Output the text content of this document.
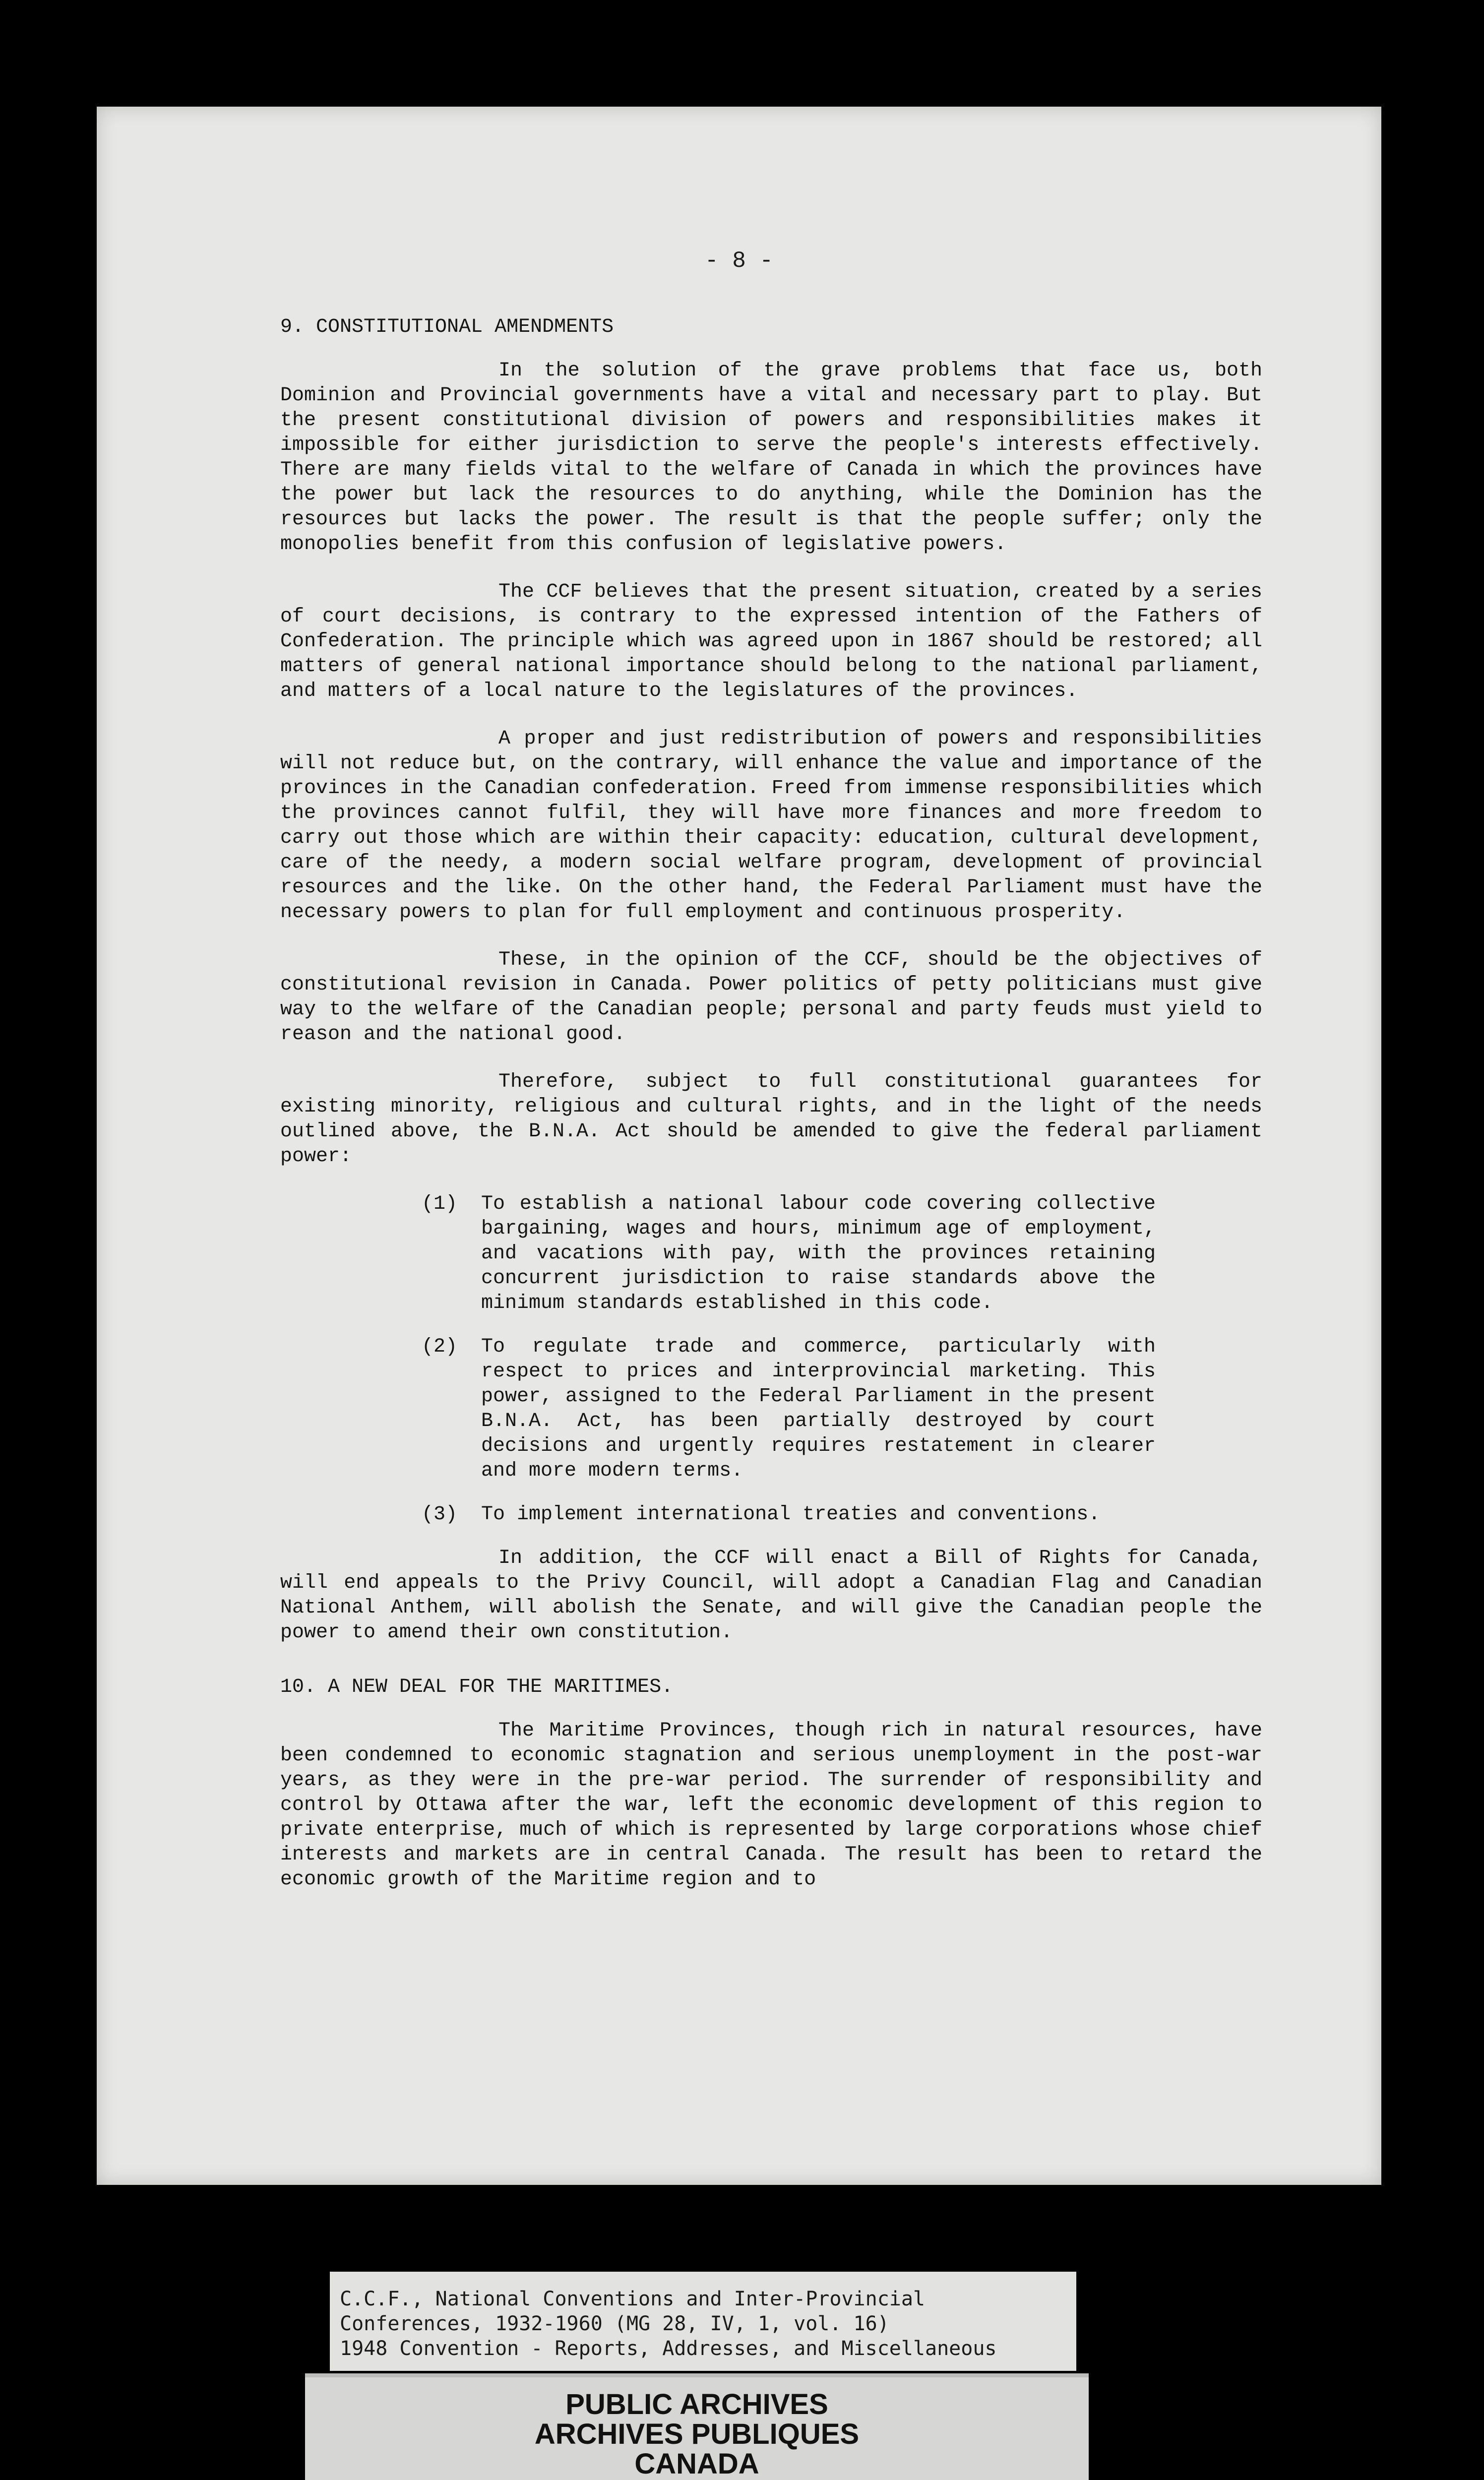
- 8 -
9. CONSTITUTIONAL AMENDMENTS

In the solution of the grave problems that face us, both Dominion and Provincial governments have a vital and necessary part to play. But the present constitutional division of powers and responsibilities makes it impossible for either jurisdiction to serve the people's interests effectively. There are many fields vital to the welfare of Canada in which the provinces have the power but lack the resources to do anything, while the Dominion has the resources but lacks the power. The result is that the people suffer; only the monopolies benefit from this confusion of legislative powers.

The CCF believes that the present situation, created by a series of court decisions, is contrary to the expressed intention of the Fathers of Confederation. The principle which was agreed upon in 1867 should be restored; all matters of general national importance should belong to the national parliament, and matters of a local nature to the legislatures of the provinces.

A proper and just redistribution of powers and responsibilities will not reduce but, on the contrary, will enhance the value and importance of the provinces in the Canadian confederation. Freed from immense responsibilities which the provinces cannot fulfil, they will have more finances and more freedom to carry out those which are within their capacity: education, cultural development, care of the needy, a modern social welfare program, development of provincial resources and the like. On the other hand, the Federal Parliament must have the necessary powers to plan for full employment and continuous prosperity.

These, in the opinion of the CCF, should be the objectives of constitutional revision in Canada. Power politics of petty politicians must give way to the welfare of the Canadian people; personal and party feuds must yield to reason and the national good.

Therefore, subject to full constitutional guarantees for existing minority, religious and cultural rights, and in the light of the needs outlined above, the B.N.A. Act should be amended to give the federal parliament power:

(1)	To establish a national labour code covering collective bargaining, wages and hours, minimum age of employment, and vacations with pay, with the provinces retaining concurrent jurisdiction to raise standards above the minimum standards established in this code.
(2)	To regulate trade and commerce, particularly with respect to prices and interprovincial marketing. This power, assigned to the Federal Parliament in the present B.N.A. Act, has been partially destroyed by court decisions and urgently requires restatement in clearer and more modern terms.
(3)	To implement international treaties and conventions.

In addition, the CCF will enact a Bill of Rights for Canada, will end appeals to the Privy Council, will adopt a Canadian Flag and Canadian National Anthem, will abolish the Senate, and will give the Canadian people the power to amend their own constitution.

10. A NEW DEAL FOR THE MARITIMES.

The Maritime Provinces, though rich in natural resources, have been condemned to economic stagnation and serious unemployment in the post-war years, as they were in the pre-war period. The surrender of responsibility and control by Ottawa after the war, left the economic development of this region to private enterprise, much of which is represented by large corporations whose chief interests and markets are in central Canada. The result has been to retard the economic growth of the Maritime region and to

C.C.F., National Conventions and Inter-Provincial
Conferences, 1932-1960 (MG 28, IV, 1, vol. 16)
1948 Convention - Reports, Addresses, and Miscellaneous
PUBLIC ARCHIVES
ARCHIVES PUBLIQUES
CANADA
